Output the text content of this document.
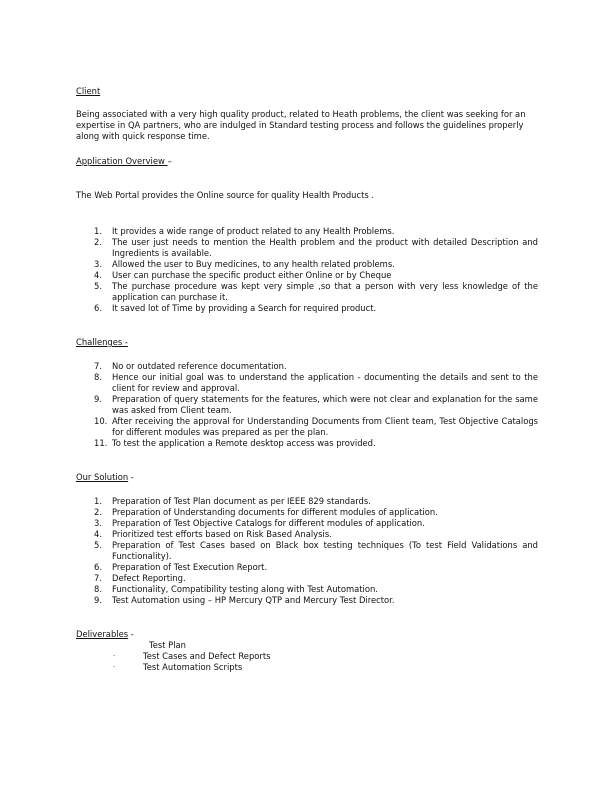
Client
Being associated with a very high quality product, related to Heath problems, the client was seeking for an expertise in QA partners, who are indulged in Standard testing process and follows the guidelines properly along with quick response time.
Application Overview –
The Web Portal provides the Online source for quality Health Products .
1.	It provides a wide range of product related to any Health Problems.
2.	The user just needs to mention the Health problem and the product with detailed Description and Ingredients is available.
3.	Allowed the user to Buy medicines, to any health related problems.
4.	User can purchase the specific product either Online or by Cheque
5.	The purchase procedure was kept very simple ,so that a person with very less knowledge of the application can purchase it.
6.	It saved lot of Time by providing a Search for required product.
Challenges -
7.	No or outdated reference documentation.
8.	Hence our initial goal was to understand the application - documenting the details and sent to the client for review and approval.
9.	Preparation of query statements for the features, which were not clear and explanation for the same was asked from Client team.
10. After receiving the approval for Understanding Documents from Client team, Test Objective Catalogs for different modules was prepared as per the plan.
11. To test the application a Remote desktop access was provided.
Our Solution -
1.	Preparation of Test Plan document as per IEEE 829 standards.
2.	Preparation of Understanding documents for different modules of application.
3.	Preparation of Test Objective Catalogs for different modules of application.
4.	Prioritized test efforts based on Risk Based Analysis.
5.	Preparation of Test Cases based on Black box testing techniques (To test Field Validations and Functionality).
6.	Preparation of Test Execution Report.
7.	Defect Reporting.
8.	Functionality, Compatibility testing along with Test Automation.
9.	Test Automation using – HP Mercury QTP and Mercury Test Director.
Deliverables -
Test Plan
·	Test Cases and Defect Reports
·	Test Automation Scripts
